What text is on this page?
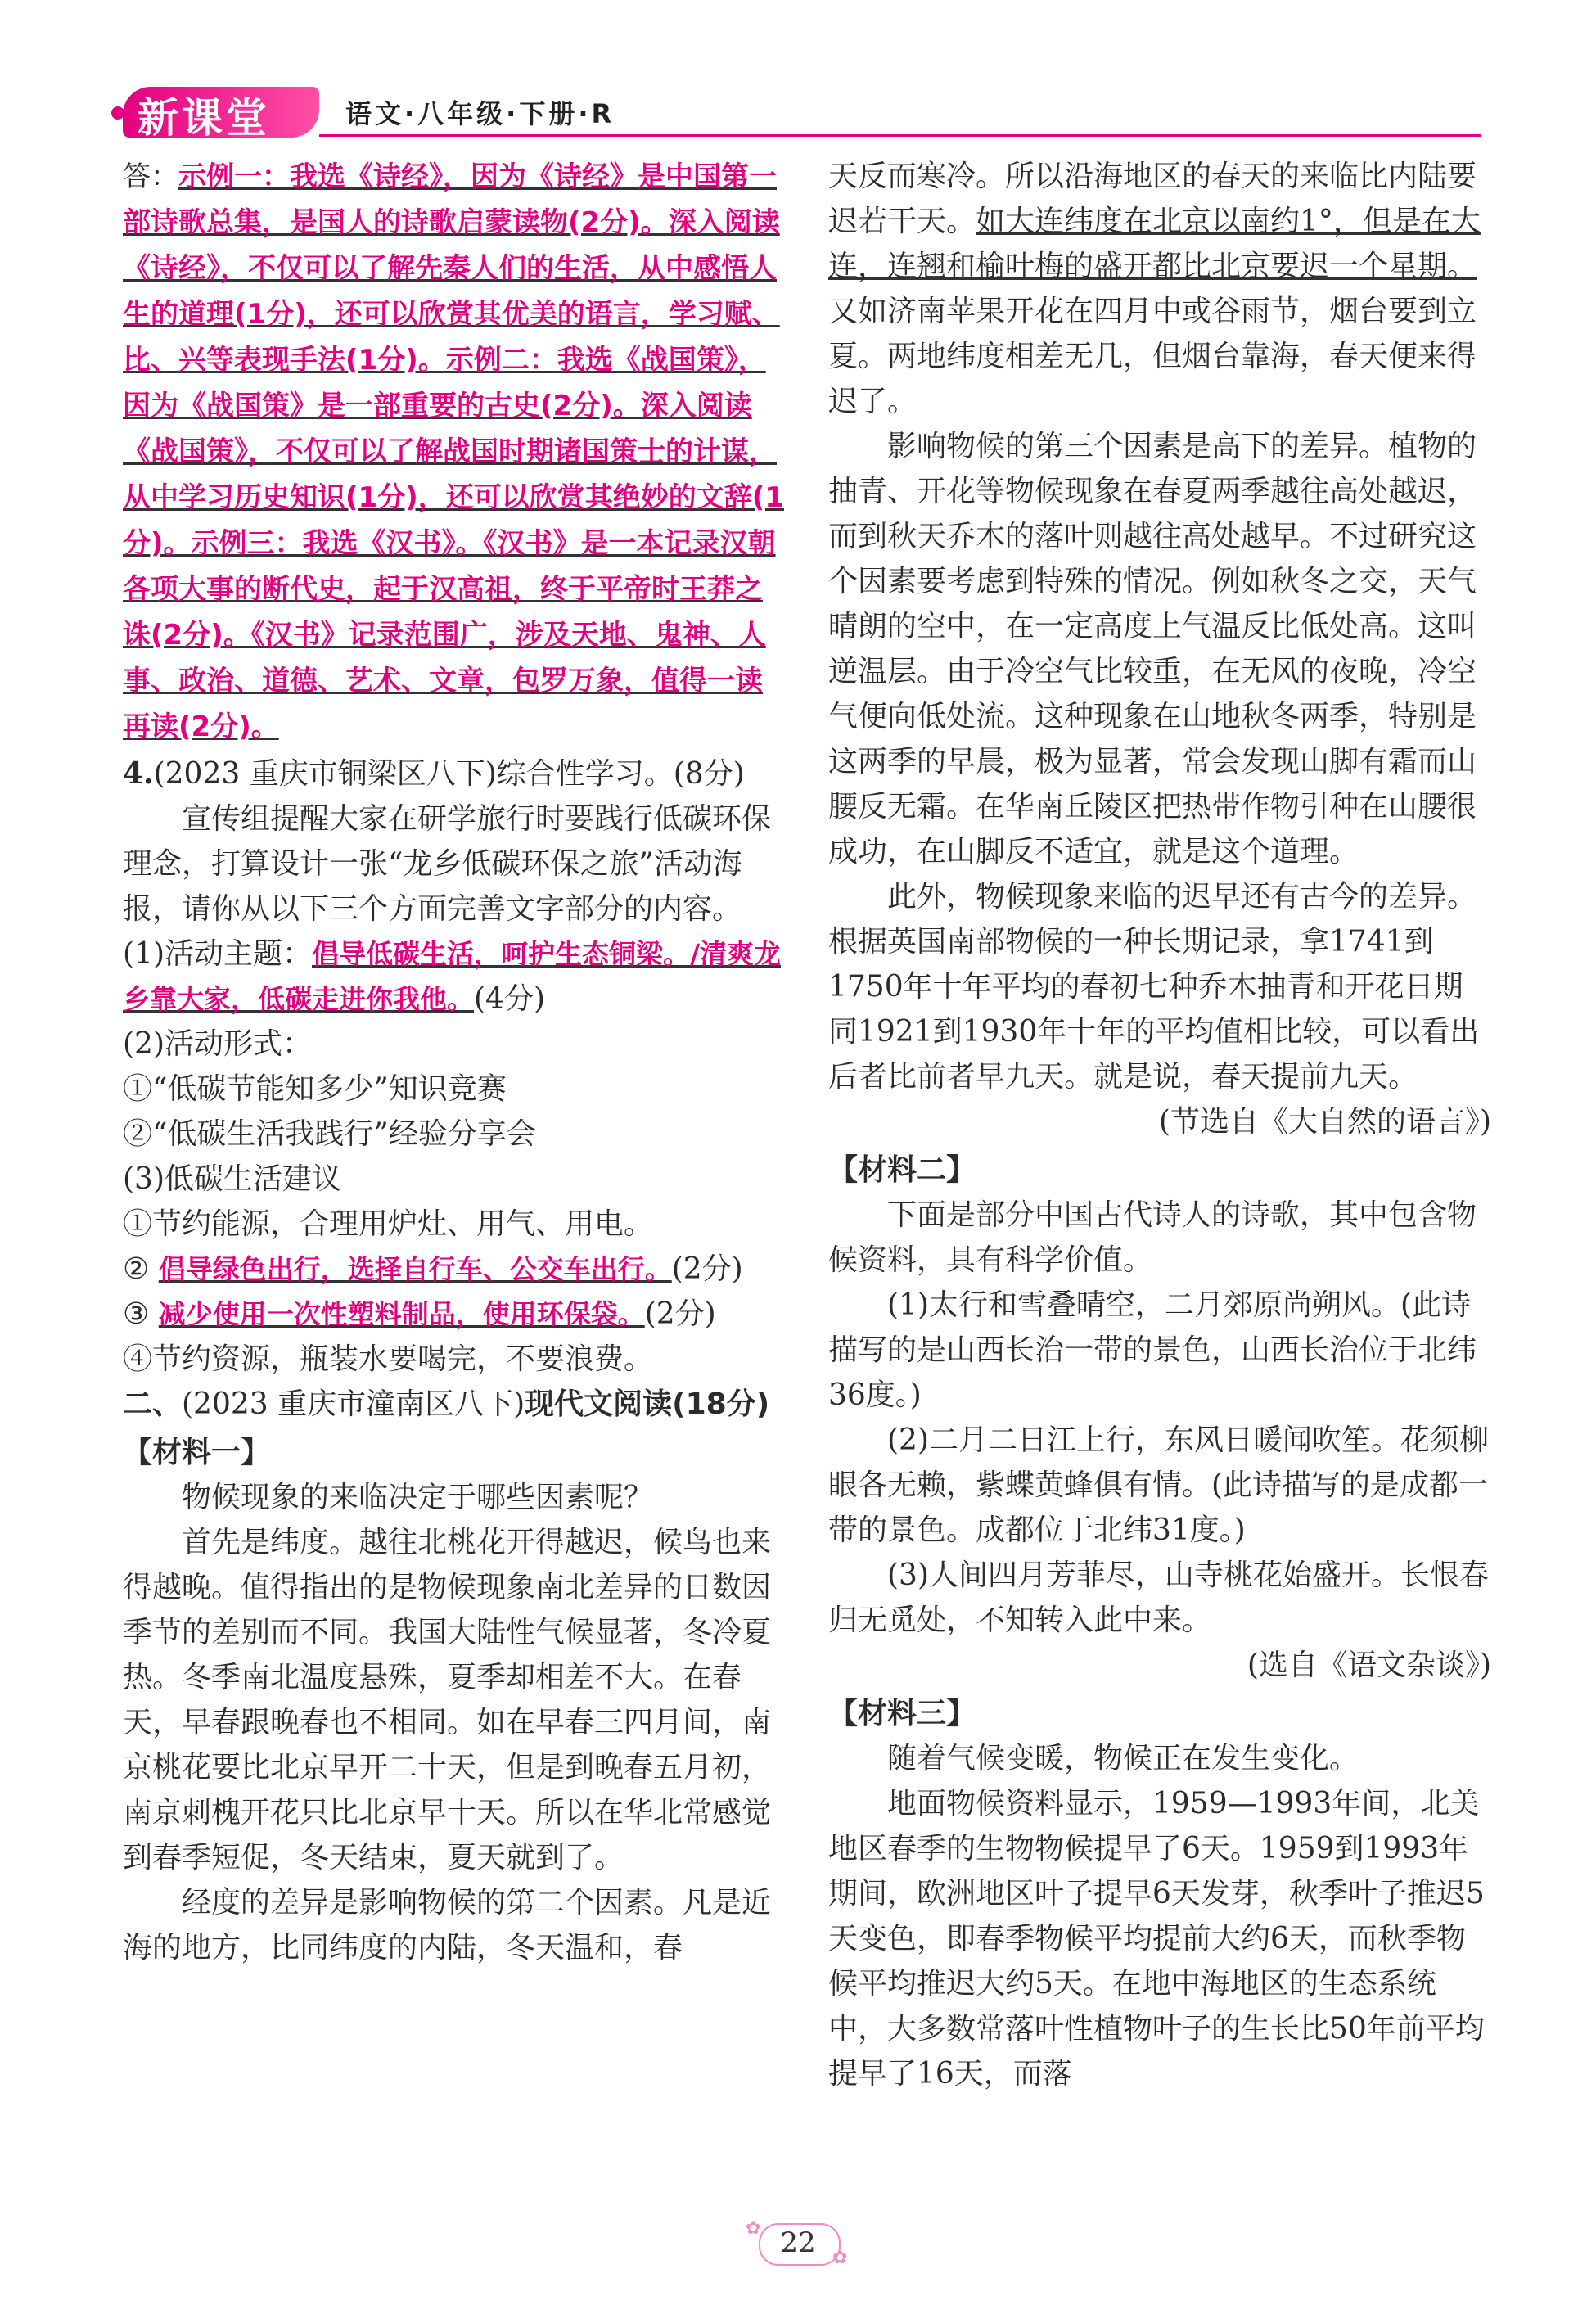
新课堂	语文·八年级·下册·R

答：示例一：我选《诗经》，因为《诗经》是中国第一部诗歌总集，是国人的诗歌启蒙读物(2分)。深入阅读《诗经》，不仅可以了解先秦人们的生活，从中感悟人生的道理(1分)，还可以欣赏其优美的语言，学习赋、比、兴等表现手法(1分)。示例二：我选《战国策》，因为《战国策》是一部重要的古史(2分)。深入阅读《战国策》，不仅可以了解战国时期诸国策士的计谋，从中学习历史知识(1分)，还可以欣赏其绝妙的文辞(1分)。示例三：我选《汉书》。《汉书》是一本记录汉朝各项大事的断代史，起于汉高祖，终于平帝时王莽之诛(2分)。《汉书》记录范围广，涉及天地、鬼神、人事、政治、道德、艺术、文章，包罗万象，值得一读再读(2分)。

4.(2023 重庆市铜梁区八下)综合性学习。(8分)

宣传组提醒大家在研学旅行时要践行低碳环保理念，打算设计一张“龙乡低碳环保之旅”活动海报，请你从以下三个方面完善文字部分的内容。

(1)活动主题：倡导低碳生活，呵护生态铜梁。/清爽龙乡靠大家，低碳走进你我他。(4分)

(2)活动形式：

①“低碳节能知多少”知识竞赛

②“低碳生活我践行”经验分享会

(3)低碳生活建议

①节约能源，合理用炉灶、用气、用电。

② 倡导绿色出行，选择自行车、公交车出行。(2分)

③ 减少使用一次性塑料制品，使用环保袋。(2分)

④节约资源，瓶装水要喝完，不要浪费。

二、(2023 重庆市潼南区八下)现代文阅读(18分)

【材料一】

物候现象的来临决定于哪些因素呢？

首先是纬度。越往北桃花开得越迟，候鸟也来得越晚。值得指出的是物候现象南北差异的日数因季节的差别而不同。我国大陆性气候显著，冬冷夏热。冬季南北温度悬殊，夏季却相差不大。在春天，早春跟晚春也不相同。如在早春三四月间，南京桃花要比北京早开二十天，但是到晚春五月初，南京刺槐开花只比北京早十天。所以在华北常感觉到春季短促，冬天结束，夏天就到了。

经度的差异是影响物候的第二个因素。凡是近海的地方，比同纬度的内陆，冬天温和，春

天反而寒冷。所以沿海地区的春天的来临比内陆要迟若干天。如大连纬度在北京以南约1°，但是在大连，连翘和榆叶梅的盛开都比北京要迟一个星期。又如济南苹果开花在四月中或谷雨节，烟台要到立夏。两地纬度相差无几，但烟台靠海，春天便来得迟了。

影响物候的第三个因素是高下的差异。植物的抽青、开花等物候现象在春夏两季越往高处越迟，而到秋天乔木的落叶则越往高处越早。不过研究这个因素要考虑到特殊的情况。例如秋冬之交，天气晴朗的空中，在一定高度上气温反比低处高。这叫逆温层。由于冷空气比较重，在无风的夜晚，冷空气便向低处流。这种现象在山地秋冬两季，特别是这两季的早晨，极为显著，常会发现山脚有霜而山腰反无霜。在华南丘陵区把热带作物引种在山腰很成功，在山脚反不适宜，就是这个道理。

此外，物候现象来临的迟早还有古今的差异。根据英国南部物候的一种长期记录，拿1741到1750年十年平均的春初七种乔木抽青和开花日期同1921到1930年十年的平均值相比较，可以看出后者比前者早九天。就是说，春天提前九天。

(节选自《大自然的语言》)

【材料二】

下面是部分中国古代诗人的诗歌，其中包含物候资料，具有科学价值。

(1)太行和雪叠晴空，二月郊原尚朔风。(此诗描写的是山西长治一带的景色，山西长治位于北纬36度。)

(2)二月二日江上行，东风日暖闻吹笙。花须柳眼各无赖，紫蝶黄蜂俱有情。(此诗描写的是成都一带的景色。成都位于北纬31度。)

(3)人间四月芳菲尽，山寺桃花始盛开。长恨春归无觅处，不知转入此中来。

(选自《语文杂谈》)

【材料三】

随着气候变暖，物候正在发生变化。

地面物候资料显示，1959—1993年间，北美地区春季的生物物候提早了6天。1959到1993年期间，欧洲地区叶子提早6天发芽，秋季叶子推迟5天变色，即春季物候平均提前大约6天，而秋季物候平均推迟大约5天。在地中海地区的生态系统中，大多数常落叶性植物叶子的生长比50年前平均提早了16天，而落

✿
✿
22
